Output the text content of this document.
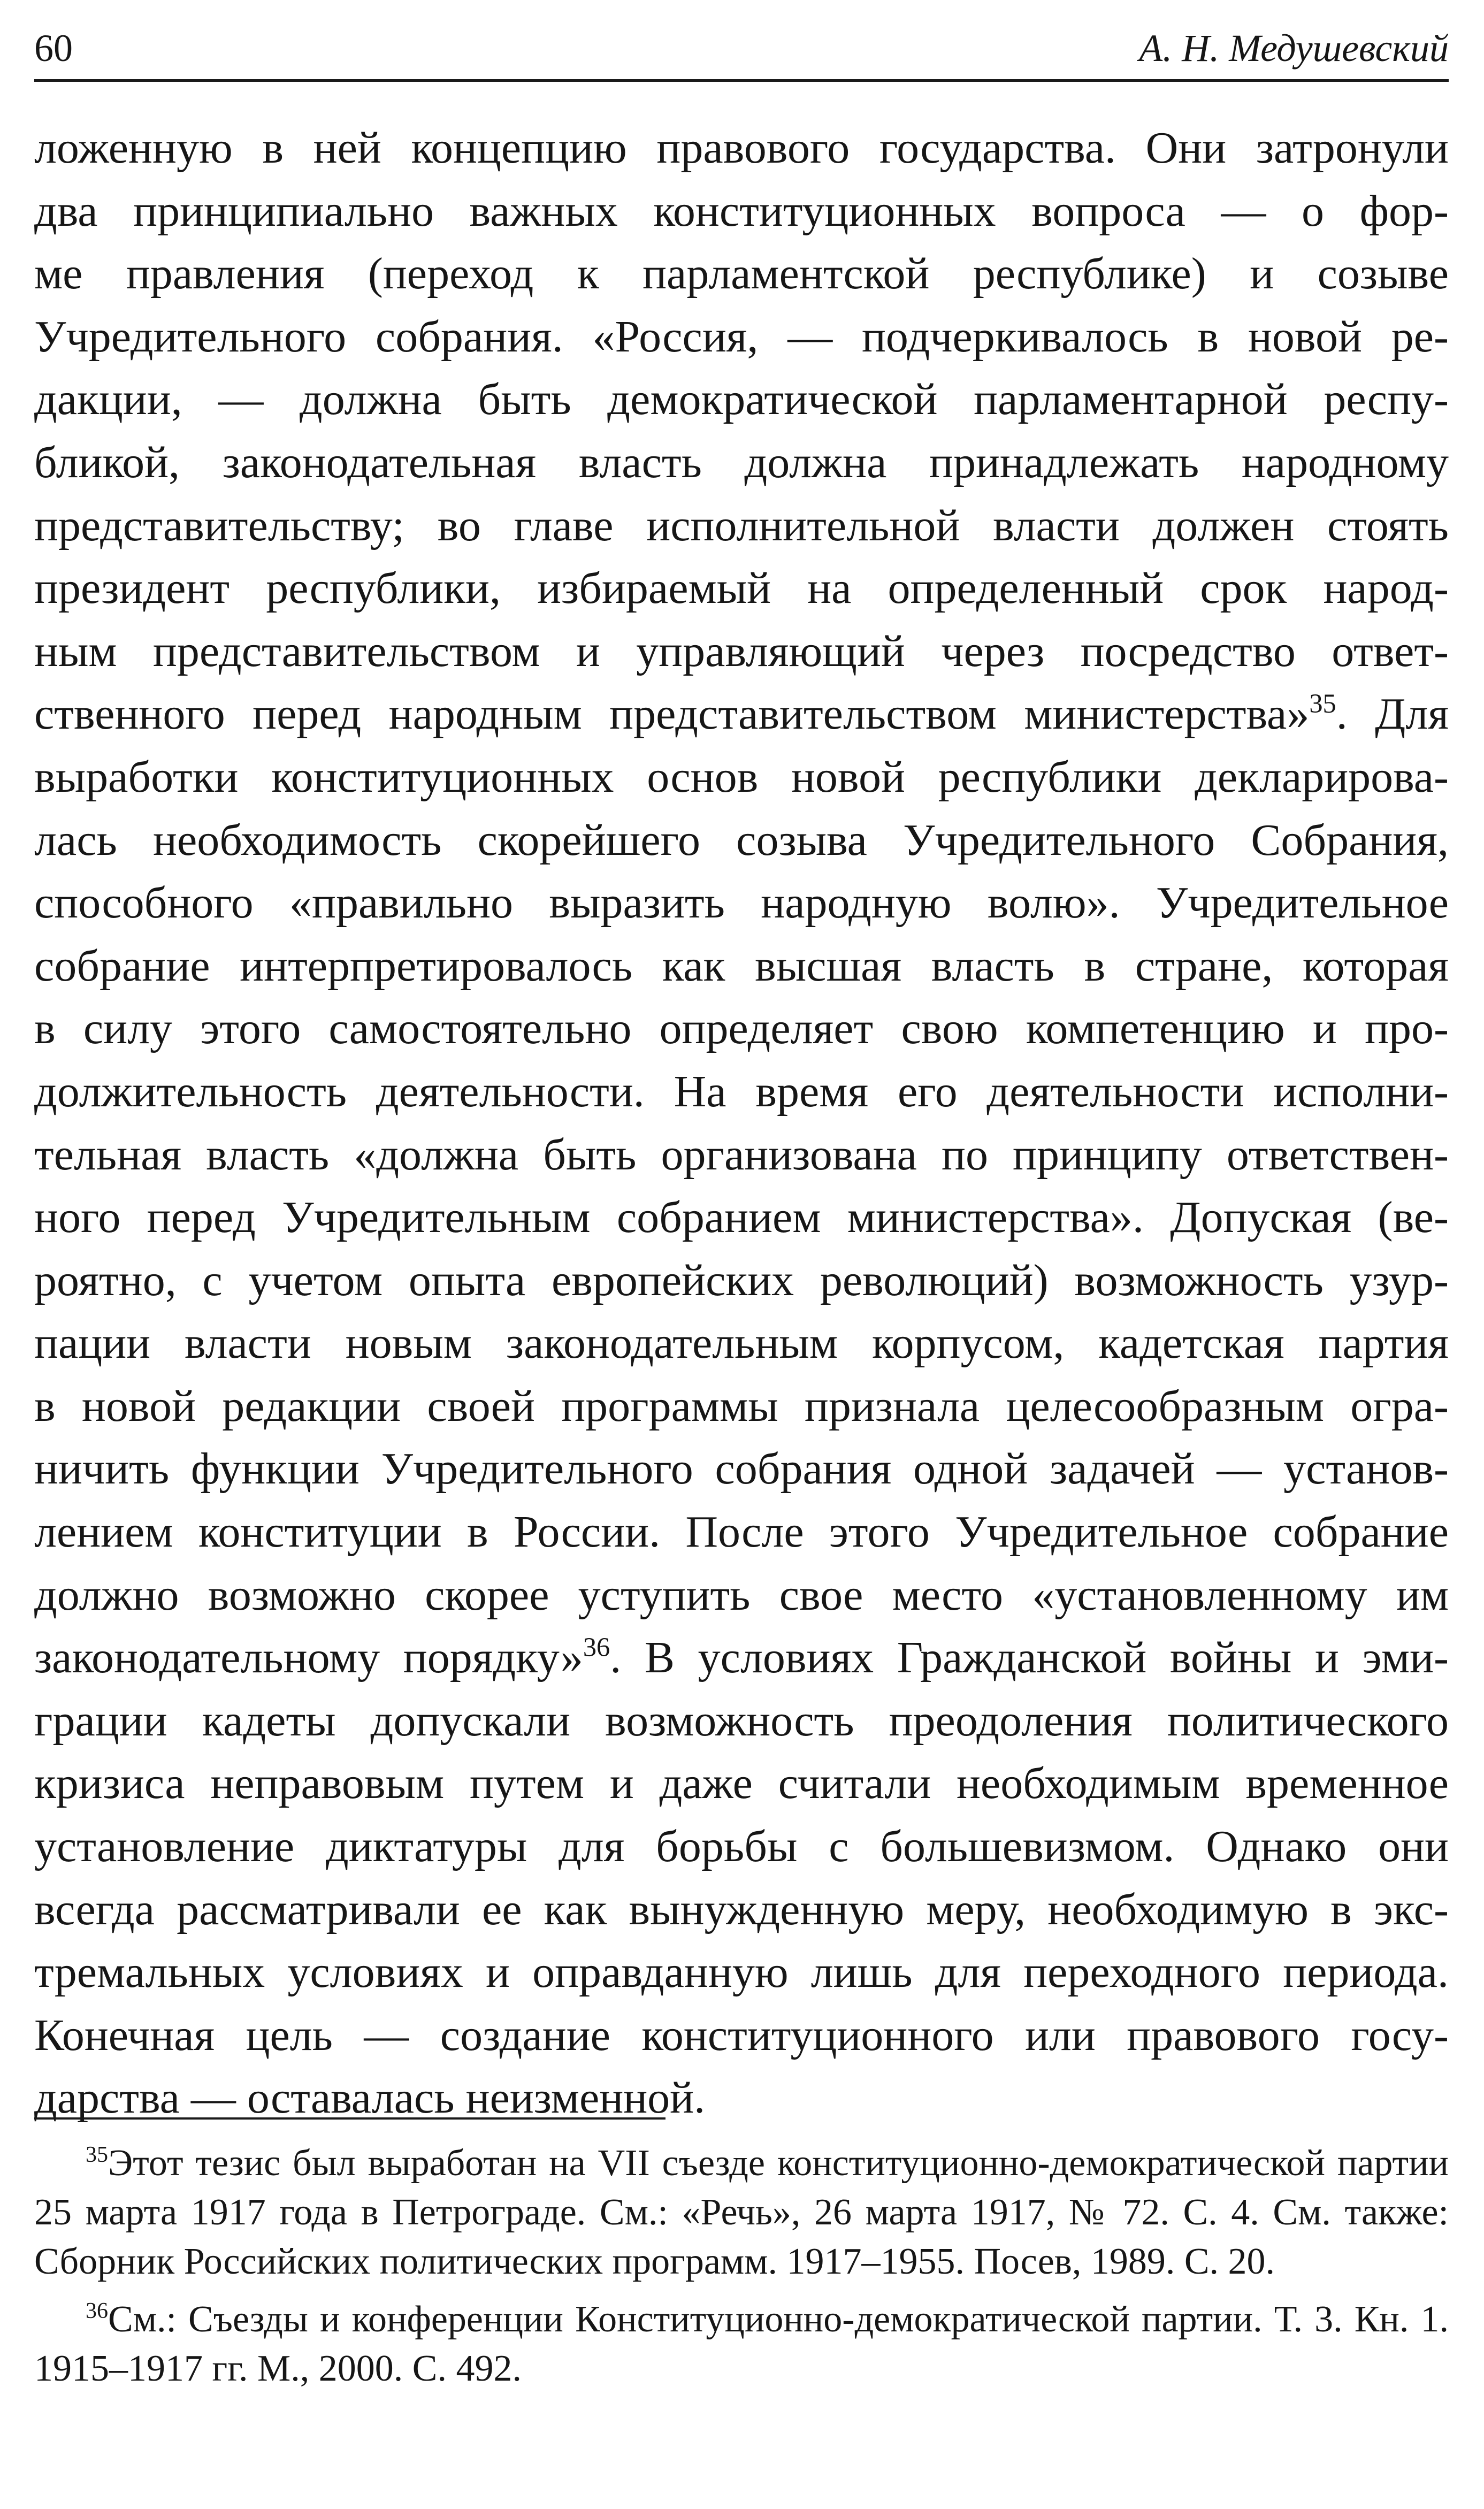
60	А. Н. Медушевский
ложенную в ней концепцию правового государства. Они затронули
два принципиально важных конституционных вопроса — о фор-
ме правления (переход к парламентской республике) и созыве
Учредительного собрания. «Россия, — подчеркивалось в новой ре-
дакции, — должна быть демократической парламентарной респу-
бликой, законодательная власть должна принадлежать народному
представительству; во главе исполнительной власти должен стоять
президент республики, избираемый на определенный срок народ-
ным представительством и управляющий через посредство ответ-
ственного перед народным представительством министерства»$^{35}$. Для
выработки конституционных основ новой республики декларирова-
лась необходимость скорейшего созыва Учредительного Собрания,
способного «правильно выразить народную волю». Учредительное
собрание интерпретировалось как высшая власть в стране, которая
в силу этого самостоятельно определяет свою компетенцию и про-
должительность деятельности. На время его деятельности исполни-
тельная власть «должна быть организована по принципу ответствен-
ного перед Учредительным собранием министерства». Допуская (ве-
роятно, с учетом опыта европейских революций) возможность узур-
пации власти новым законодательным корпусом, кадетская партия
в новой редакции своей программы признала целесообразным огра-
ничить функции Учредительного собрания одной задачей — установ-
лением конституции в России. После этого Учредительное собрание
должно возможно скорее уступить свое место «установленному им
законодательному порядку»$^{36}$. В условиях Гражданской войны и эми-
грации кадеты допускали возможность преодоления политического
кризиса неправовым путем и даже считали необходимым временное
установление диктатуры для борьбы с большевизмом. Однако они
всегда рассматривали ее как вынужденную меру, необходимую в экс-
тремальных условиях и оправданную лишь для переходного периода.
Конечная цель — создание конституционного или правового госу-
дарства — оставалась неизменной.

$^{35}$Этот тезис был выработан на VII съезде конституционно-демократической партии 25 марта 1917 года в Петрограде. См.: «Речь», 26 марта 1917, № 72. С. 4. См. также: Сборник Российских политических программ. 1917–1955. Посев, 1989. С. 20.

$^{36}$См.: Съезды и конференции Конституционно-демократической партии. Т. 3. Кн. 1. 1915–1917 гг. М., 2000. С. 492.
